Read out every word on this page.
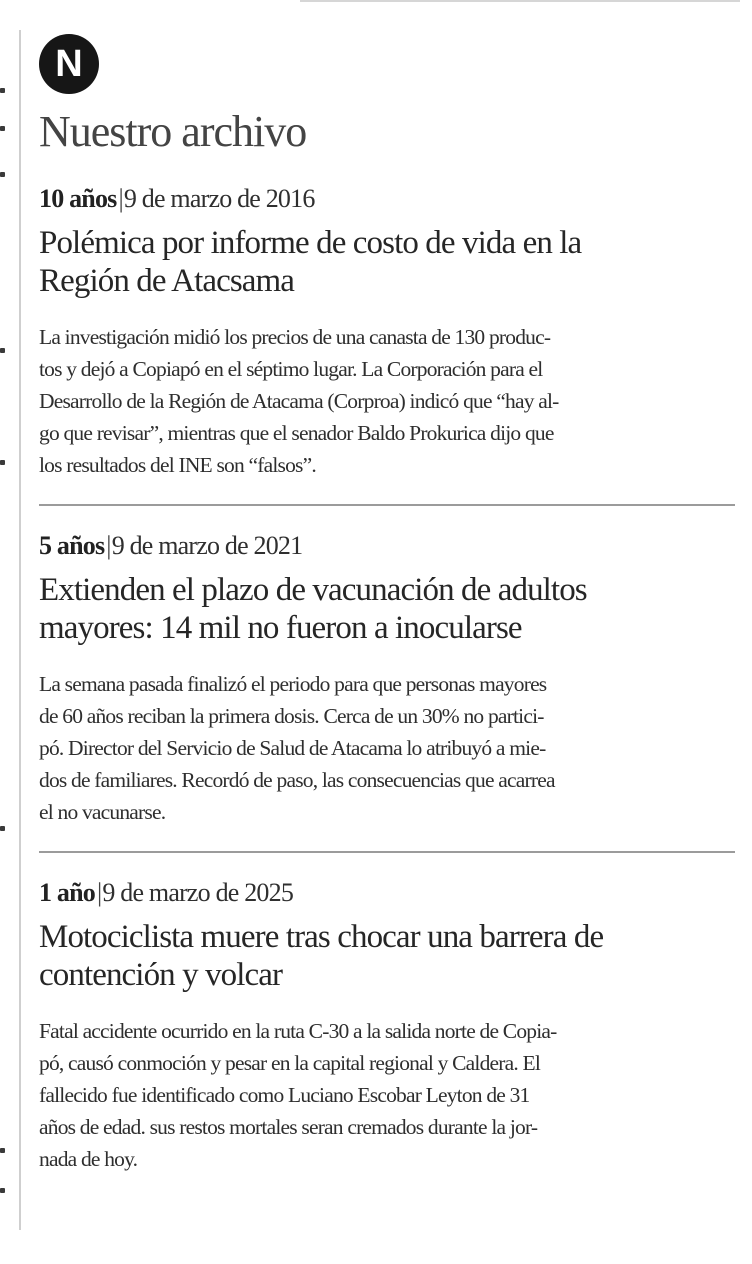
N
Nuestro archivo
10 años|9 de marzo de 2016
Polémica por informe de costo de vida en la
Región de Atacsama
La investigación midió los precios de una canasta de 130 produc-
tos y dejó a Copiapó en el séptimo lugar. La Corporación para el
Desarrollo de la Región de Atacama (Corproa) indicó que “hay al-
go que revisar”, mientras que el senador Baldo Prokurica dijo que
los resultados del INE son “falsos”.
5 años|9 de marzo de 2021
Extienden el plazo de vacunación de adultos
mayores: 14 mil no fueron a inocularse
La semana pasada finalizó el periodo para que personas mayores
de 60 años reciban la primera dosis. Cerca de un 30% no partici-
pó. Director del Servicio de Salud de Atacama lo atribuyó a mie-
dos de familiares. Recordó de paso, las consecuencias que acarrea
el no vacunarse.
1 año|9 de marzo de 2025
Motociclista muere tras chocar una barrera de
contención y volcar
Fatal accidente ocurrido en la ruta C-30 a la salida norte de Copia-
pó, causó conmoción y pesar en la capital regional y Caldera. El
fallecido fue identificado como Luciano Escobar Leyton de 31
años de edad. sus restos mortales seran cremados durante la jor-
nada de hoy.
